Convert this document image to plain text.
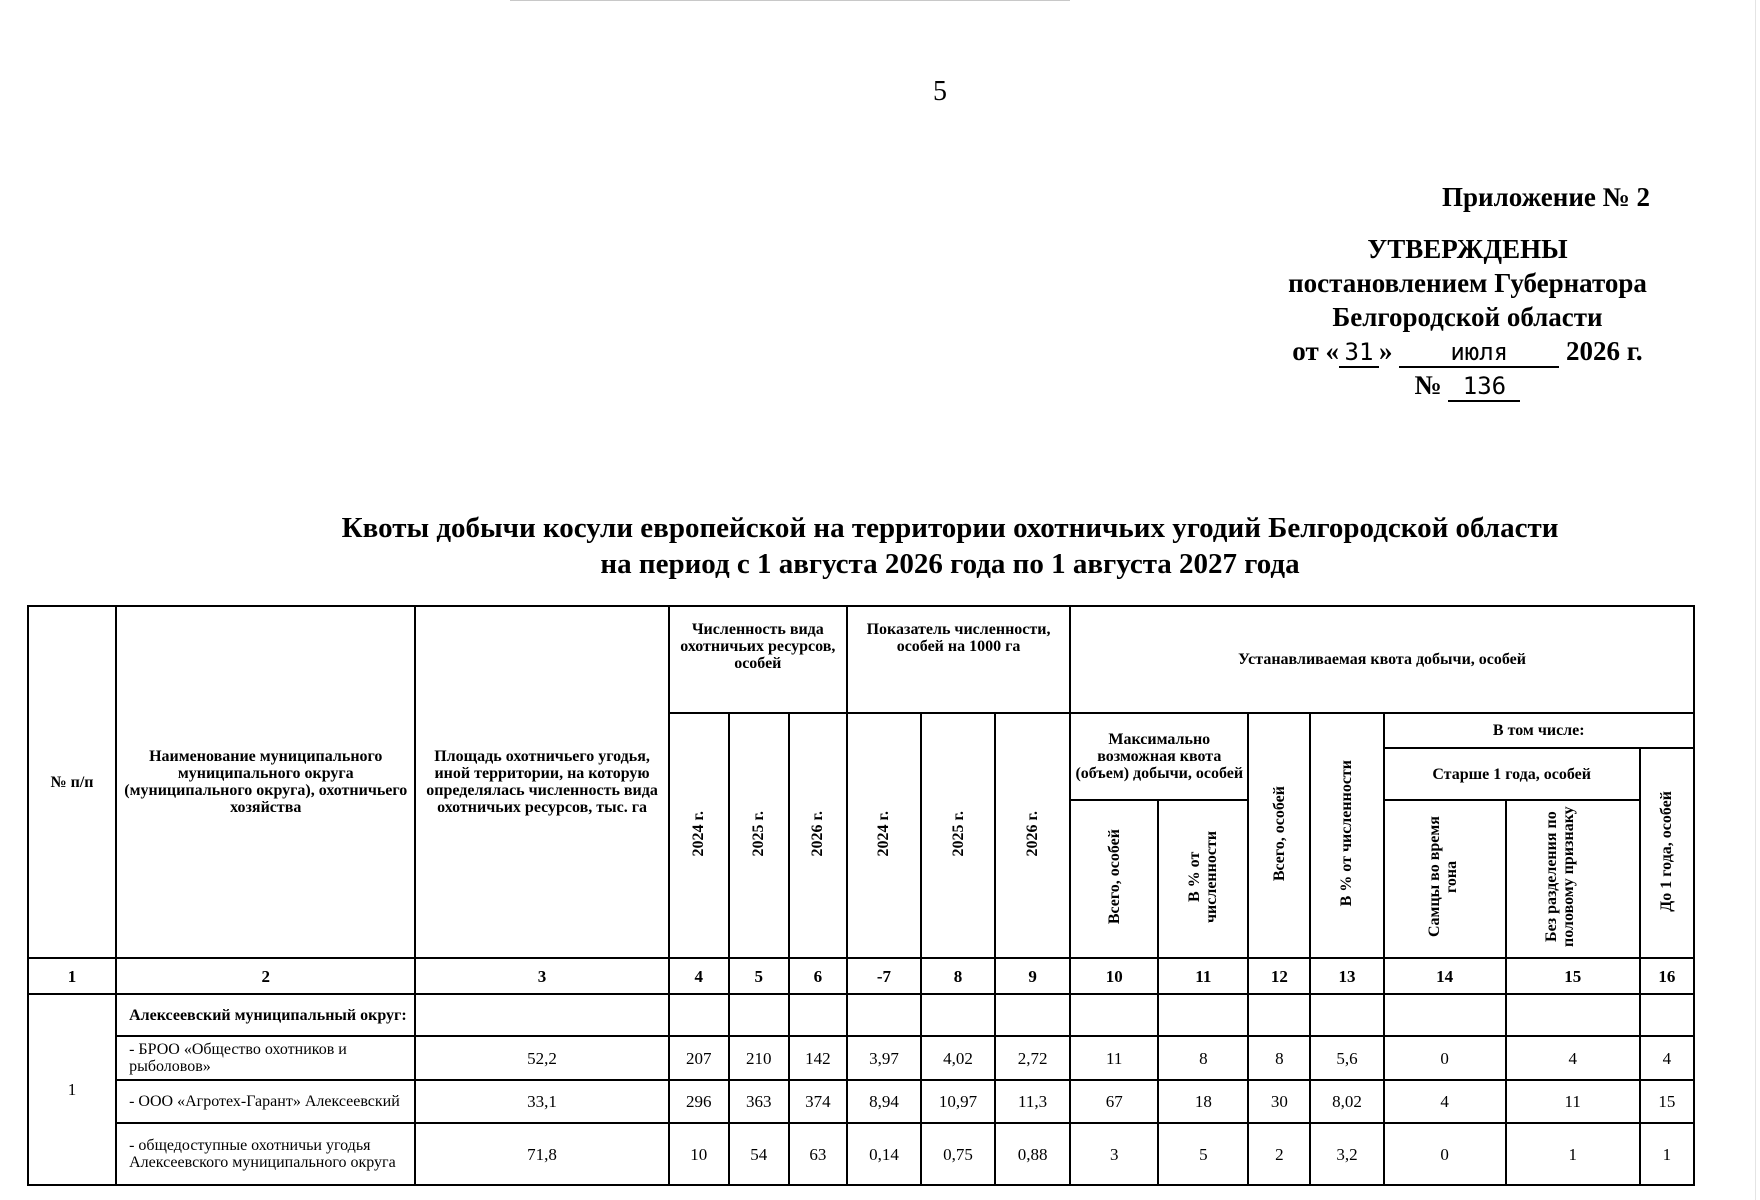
5
Приложение № 2
УТВЕРЖДЕНЫ
постановлением Губернатора
Белгородской области
от « 31 » июля 2026 г.
№ 136
Квоты добычи косули европейской на территории охотничьих угодий Белгородской области
на период с 1 августа 2026 года по 1 августа 2027 года
№ п/п	Наименование муниципального муниципального округа (муниципального округа), охотничьего хозяйства	Площадь охотничьего угодья, иной территории, на которую определялась численность вида охотничьих ресурсов, тыс. га	Численность вида охотничьих ресурсов, особей			Показатель численности, особей на 1000 га			Устанавливаемая квота добычи, особей						
			2024 г.	2025 г.	2026 г.	2024 г.	2025 г.	2026 г.	Максимально возможная квота (объем) добычи, особей		Всего, особей	В % от численности	В том числе:		
													Старше 1 года, особей		До 1 года, особей
									Всего, особей	В % от численности			Самцы во время гона	Без разделения по половому признаку	
1	2	3	4	5	6	-7	8	9	10	11	12	13	14	15	16
1	Алексеевский муниципальный округ:														
	- БРОО «Общество охотников и рыболовов»	52,2	207	210	142	3,97	4,02	2,72	11	8	8	5,6	0	4	4
	- ООО «Агротех-Гарант» Алексеевский	33,1	296	363	374	8,94	10,97	11,3	67	18	30	8,02	4	11	15
	- общедоступные охотничьи угодья Алексеевского муниципального округа	71,8	10	54	63	0,14	0,75	0,88	3	5	2	3,2	0	1	1
